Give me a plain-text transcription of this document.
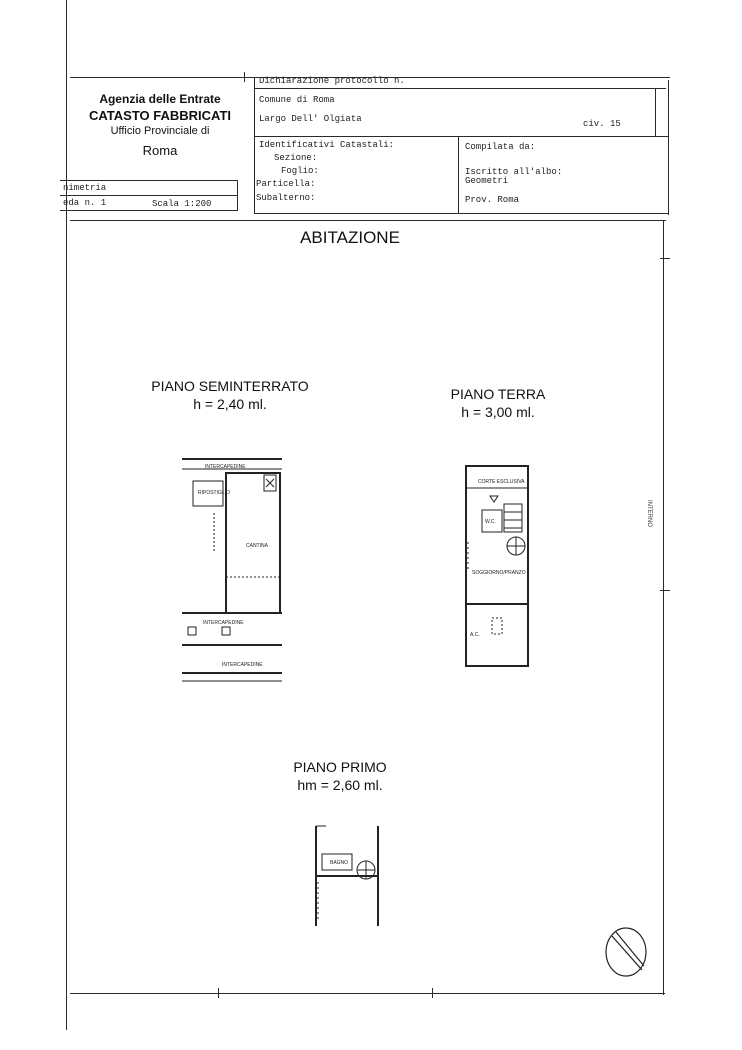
Agenzia delle Entrate
CATASTO FABBRICATI
Ufficio Provinciale di
Roma
nimetria
eda n. 1	Scala 1:200
Dichiarazione protocollo n.
Comune di Roma
Largo Dell' Olgiata	civ. 15
Identificativi Catastali:
Sezione:
Foglio:
Particella:
Subalterno:
Compilata da:
Iscritto all'albo:
Geometri
Prov. Roma
ABITAZIONE
PIANO SEMINTERRATO
h = 2,40 ml.
INTERCAPEDINE
RIPOSTIGLIO
CANTINA
INTERCAPEDINE
INTERCAPEDINE
PIANO TERRA
h = 3,00 ml.
CORTE ESCLUSIVA
W.C.
SOGGIORNO/PRANZO
A.C.
PIANO PRIMO
hm = 2,60 ml.
BAGNO
INTERNO
